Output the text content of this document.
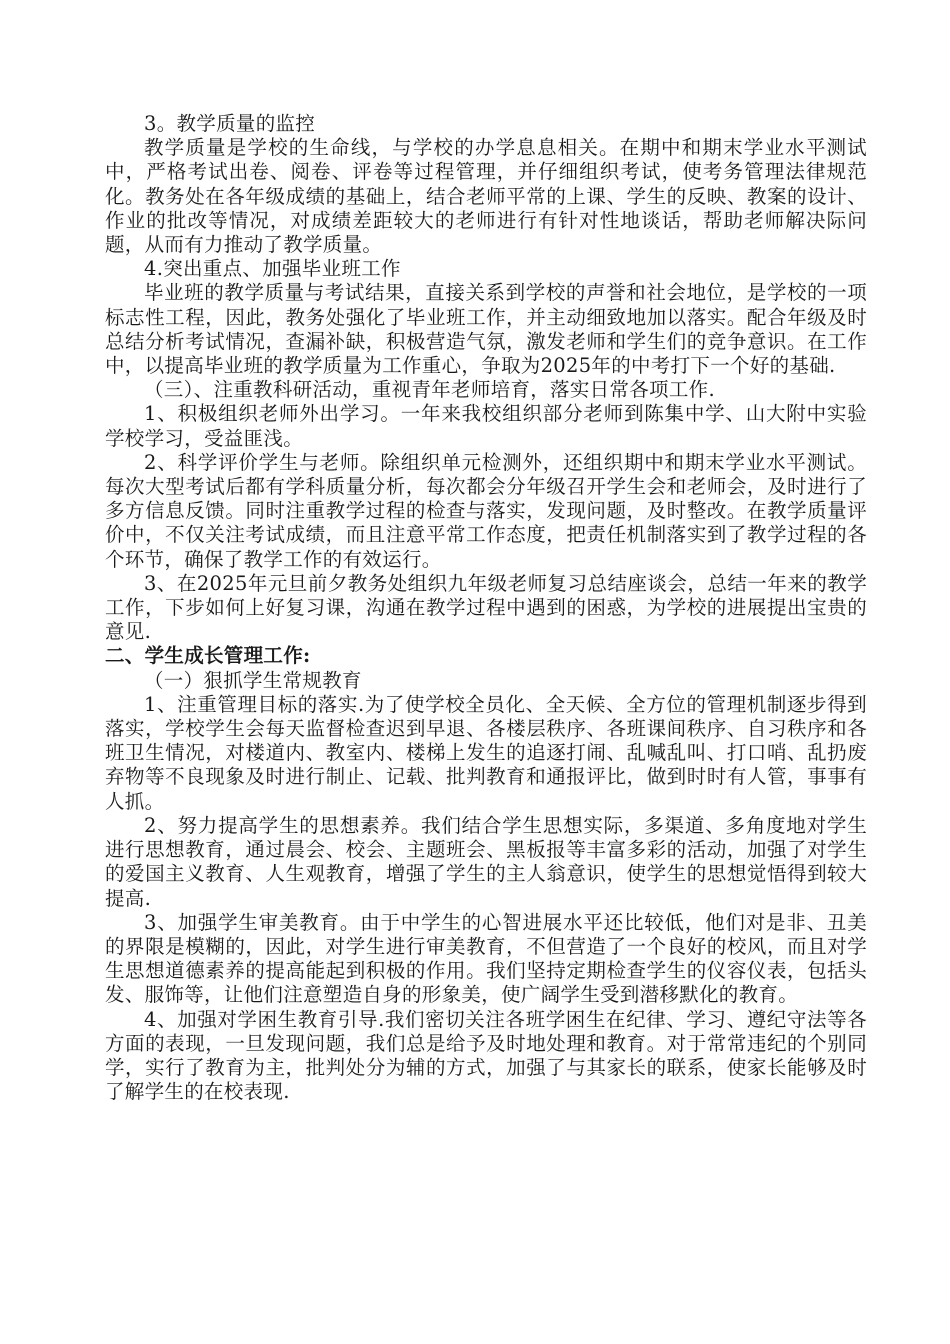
3。教学质量的监控

教学质量是学校的生命线，与学校的办学息息相关。在期中和期末学业水平测试中，严格考试出卷、阅卷、评卷等过程管理，并仔细组织考试，使考务管理法律规范化。教务处在各年级成绩的基础上，结合老师平常的上课、学生的反映、教案的设计、作业的批改等情况，对成绩差距较大的老师进行有针对性地谈话，帮助老师解决际问题，从而有力推动了教学质量。

4.突出重点、加强毕业班工作

毕业班的教学质量与考试结果，直接关系到学校的声誉和社会地位，是学校的一项标志性工程，因此，教务处强化了毕业班工作，并主动细致地加以落实。配合年级及时总结分析考试情况，查漏补缺，积极营造气氛，激发老师和学生们的竞争意识。在工作中，以提高毕业班的教学质量为工作重心，争取为2025年的中考打下一个好的基础.

（三）、注重教科研活动，重视青年老师培育，落实日常各项工作.

1、积极组织老师外出学习。一年来我校组织部分老师到陈集中学、山大附中实验学校学习，受益匪浅。

2、科学评价学生与老师。除组织单元检测外，还组织期中和期末学业水平测试。每次大型考试后都有学科质量分析，每次都会分年级召开学生会和老师会，及时进行了多方信息反馈。同时注重教学过程的检查与落实，发现问题，及时整改。在教学质量评价中，不仅关注考试成绩，而且注意平常工作态度，把责任机制落实到了教学过程的各个环节，确保了教学工作的有效运行。

3、在2025年元旦前夕教务处组织九年级老师复习总结座谈会，总结一年来的教学工作，下步如何上好复习课，沟通在教学过程中遇到的困惑，为学校的进展提出宝贵的意见.

二、学生成长管理工作:

（一）狠抓学生常规教育

1、注重管理目标的落实.为了使学校全员化、全天候、全方位的管理机制逐步得到落实，学校学生会每天监督检查迟到早退、各楼层秩序、各班课间秩序、自习秩序和各班卫生情况，对楼道内、教室内、楼梯上发生的追逐打闹、乱喊乱叫、打口哨、乱扔废弃物等不良现象及时进行制止、记载、批判教育和通报评比，做到时时有人管，事事有人抓。

2、努力提高学生的思想素养。我们结合学生思想实际，多渠道、多角度地对学生进行思想教育，通过晨会、校会、主题班会、黑板报等丰富多彩的活动，加强了对学生的爱国主义教育、人生观教育，增强了学生的主人翁意识，使学生的思想觉悟得到较大提高.

3、加强学生审美教育。由于中学生的心智进展水平还比较低，他们对是非、丑美的界限是模糊的，因此，对学生进行审美教育，不但营造了一个良好的校风，而且对学生思想道德素养的提高能起到积极的作用。我们坚持定期检查学生的仪容仪表，包括头发、服饰等，让他们注意塑造自身的形象美，使广阔学生受到潜移默化的教育。

4、加强对学困生教育引导.我们密切关注各班学困生在纪律、学习、遵纪守法等各方面的表现，一旦发现问题，我们总是给予及时地处理和教育。对于常常违纪的个别同学，实行了教育为主，批判处分为辅的方式，加强了与其家长的联系，使家长能够及时了解学生的在校表现.
